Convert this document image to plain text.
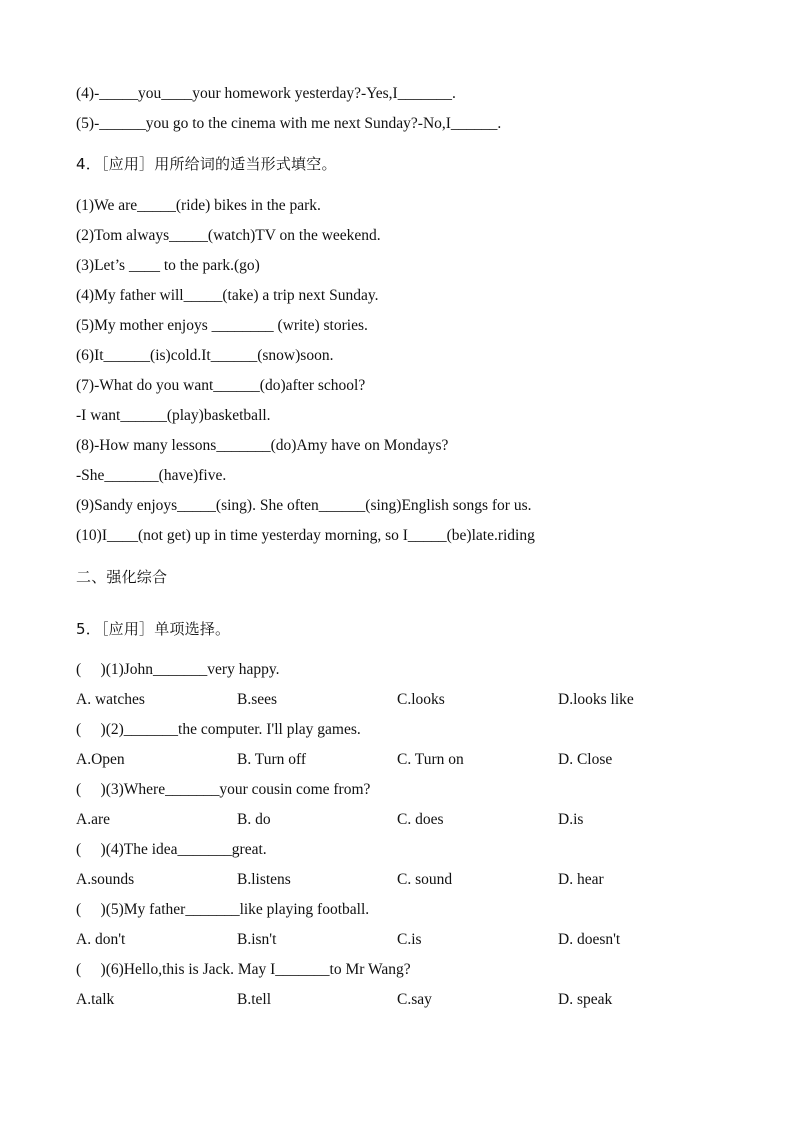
(4)-_____you____your homework yesterday?-Yes,I_______.
(5)-______you go to the cinema with me next Sunday?-No,I______.
4．［应用］用所给词的适当形式填空。
(1)We are_____(ride) bikes in the park.
(2)Tom always_____(watch)TV on the weekend.
(3)Let’s ____ to the park.(go)
(4)My father will_____(take) a trip next Sunday.
(5)My mother enjoys ________ (write) stories.
(6)It______(is)cold.It______(snow)soon.
(7)-What do you want______(do)after school?
-I want______(play)basketball.
(8)-How many lessons_______(do)Amy have on Mondays?
-She_______(have)five.
(9)Sandy enjoys_____(sing). She often______(sing)English songs for us.
(10)I____(not get) up in time yesterday morning, so I_____(be)late.riding
二、强化综合
5．［应用］单项选择。
(     )(1)John_______very happy.
A. watches	B.sees	C.looks	D.looks like
(     )(2)_______the computer. I'll play games.
A.Open	B. Turn off	C. Turn on	D. Close
(     )(3)Where_______your cousin come from?
A.are	B. do	C. does	D.is
(     )(4)The idea_______great.
A.sounds	B.listens	C. sound	D. hear
(     )(5)My father_______like playing football.
A. don't	B.isn't	C.is	D. doesn't
(     )(6)Hello,this is Jack. May I_______to Mr Wang?
A.talk	B.tell	C.say	D. speak
